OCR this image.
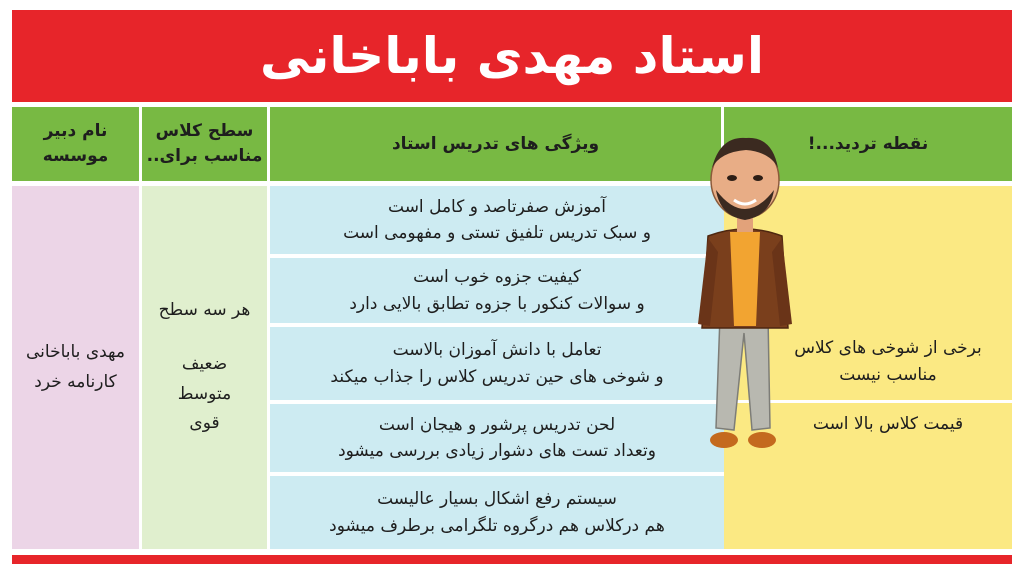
استاد مهدی باباخانی
نقطه تردید...!
ویژگی های تدریس استاد
سطح کلاس
مناسب برای..
نام دبیر
موسسه
مهدی باباخانی
کارنامه خرد
هر سه سطح
ضعیف
متوسط
قوی
آموزش صفرتاصد و کامل است
و سبک تدریس تلفیق تستی و مفهومی است
کیفیت جزوه خوب است
و سوالات کنکور با جزوه تطابق بالایی دارد
تعامل با دانش آموزان بالاست
و شوخی های حین تدریس کلاس را جذاب میکند
لحن تدریس پرشور و هیجان است
وتعداد تست های دشوار زیادی بررسی میشود
سیستم رفع اشکال بسیار عالیست
هم درکلاس هم درگروه تلگرامی برطرف میشود
برخی از شوخی های کلاس
مناسب نیست
قیمت کلاس بالا است
